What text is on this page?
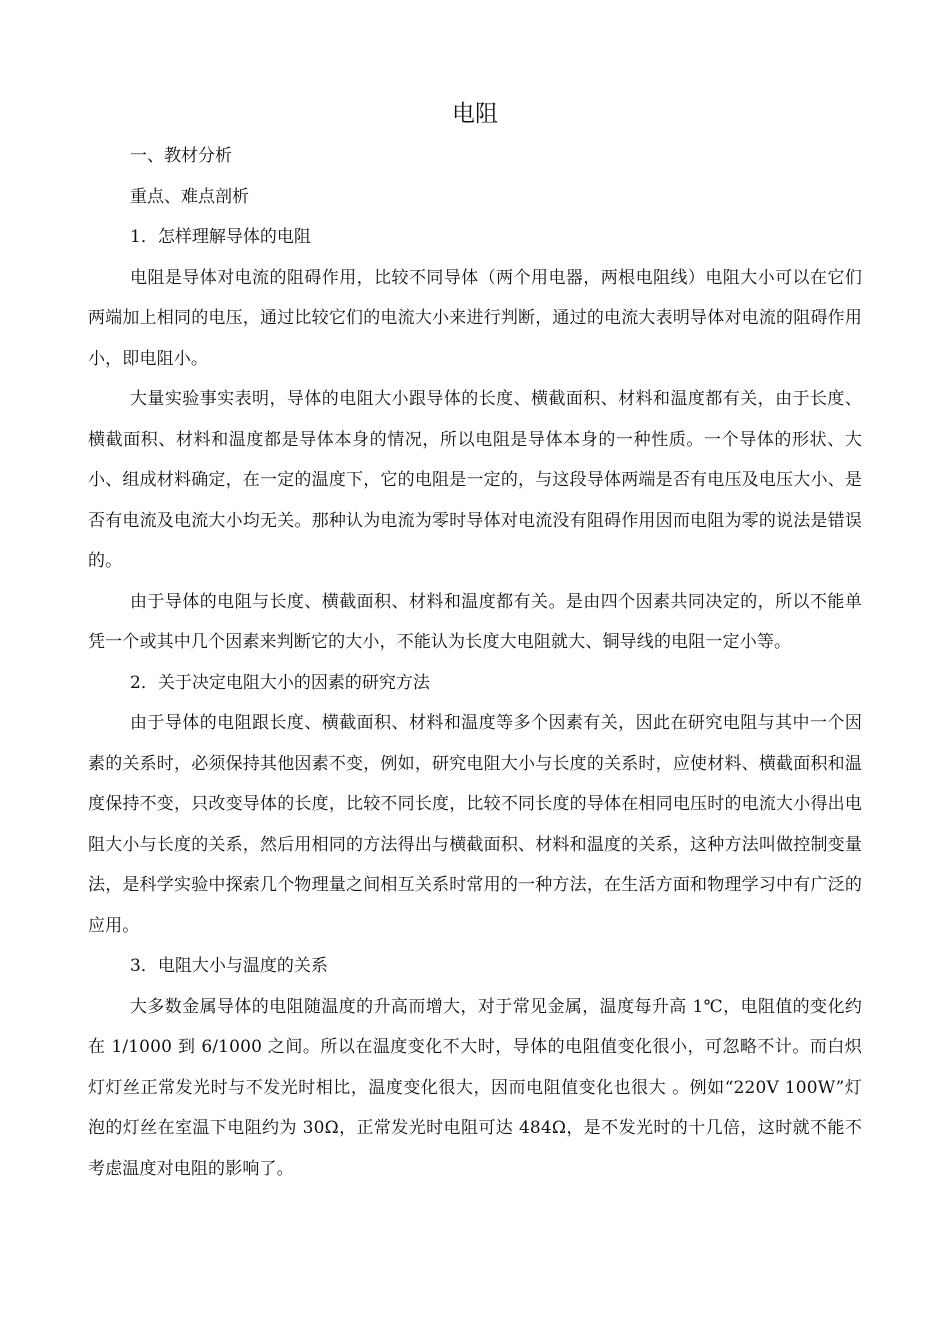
电阻

一、教材分析

重点、难点剖析

1．怎样理解导体的电阻

电阻是导体对电流的阻碍作用，比较不同导体（两个用电器，两根电阻线）电阻大小可以在它们两端加上相同的电压，通过比较它们的电流大小来进行判断，通过的电流大表明导体对电流的阻碍作用小，即电阻小。

大量实验事实表明，导体的电阻大小跟导体的长度、横截面积、材料和温度都有关，由于长度、横截面积、材料和温度都是导体本身的情况，所以电阻是导体本身的一种性质。一个导体的形状、大小、组成材料确定，在一定的温度下，它的电阻是一定的，与这段导体两端是否有电压及电压大小、是否有电流及电流大小均无关。那种认为电流为零时导体对电流没有阻碍作用因而电阻为零的说法是错误的。

由于导体的电阻与长度、横截面积、材料和温度都有关。是由四个因素共同决定的，所以不能单凭一个或其中几个因素来判断它的大小，不能认为长度大电阻就大、铜导线的电阻一定小等。

2．关于决定电阻大小的因素的研究方法

由于导体的电阻跟长度、横截面积、材料和温度等多个因素有关，因此在研究电阻与其中一个因素的关系时，必须保持其他因素不变，例如，研究电阻大小与长度的关系时，应使材料、横截面积和温度保持不变，只改变导体的长度，比较不同长度，比较不同长度的导体在相同电压时的电流大小得出电阻大小与长度的关系，然后用相同的方法得出与横截面积、材料和温度的关系，这种方法叫做控制变量法，是科学实验中探索几个物理量之间相互关系时常用的一种方法，在生活方面和物理学习中有广泛的应用。

3．电阻大小与温度的关系

大多数金属导体的电阻随温度的升高而增大，对于常见金属，温度每升高 1℃，电阻值的变化约在 1/1000 到 6/1000 之间。所以在温度变化不大时，导体的电阻值变化很小，可忽略不计。而白炽灯灯丝正常发光时与不发光时相比，温度变化很大，因而电阻值变化也很大 。例如“220V 100W”灯泡的灯丝在室温下电阻约为 30Ω，正常发光时电阻可达 484Ω，是不发光时的十几倍，这时就不能不考虑温度对电阻的影响了。
